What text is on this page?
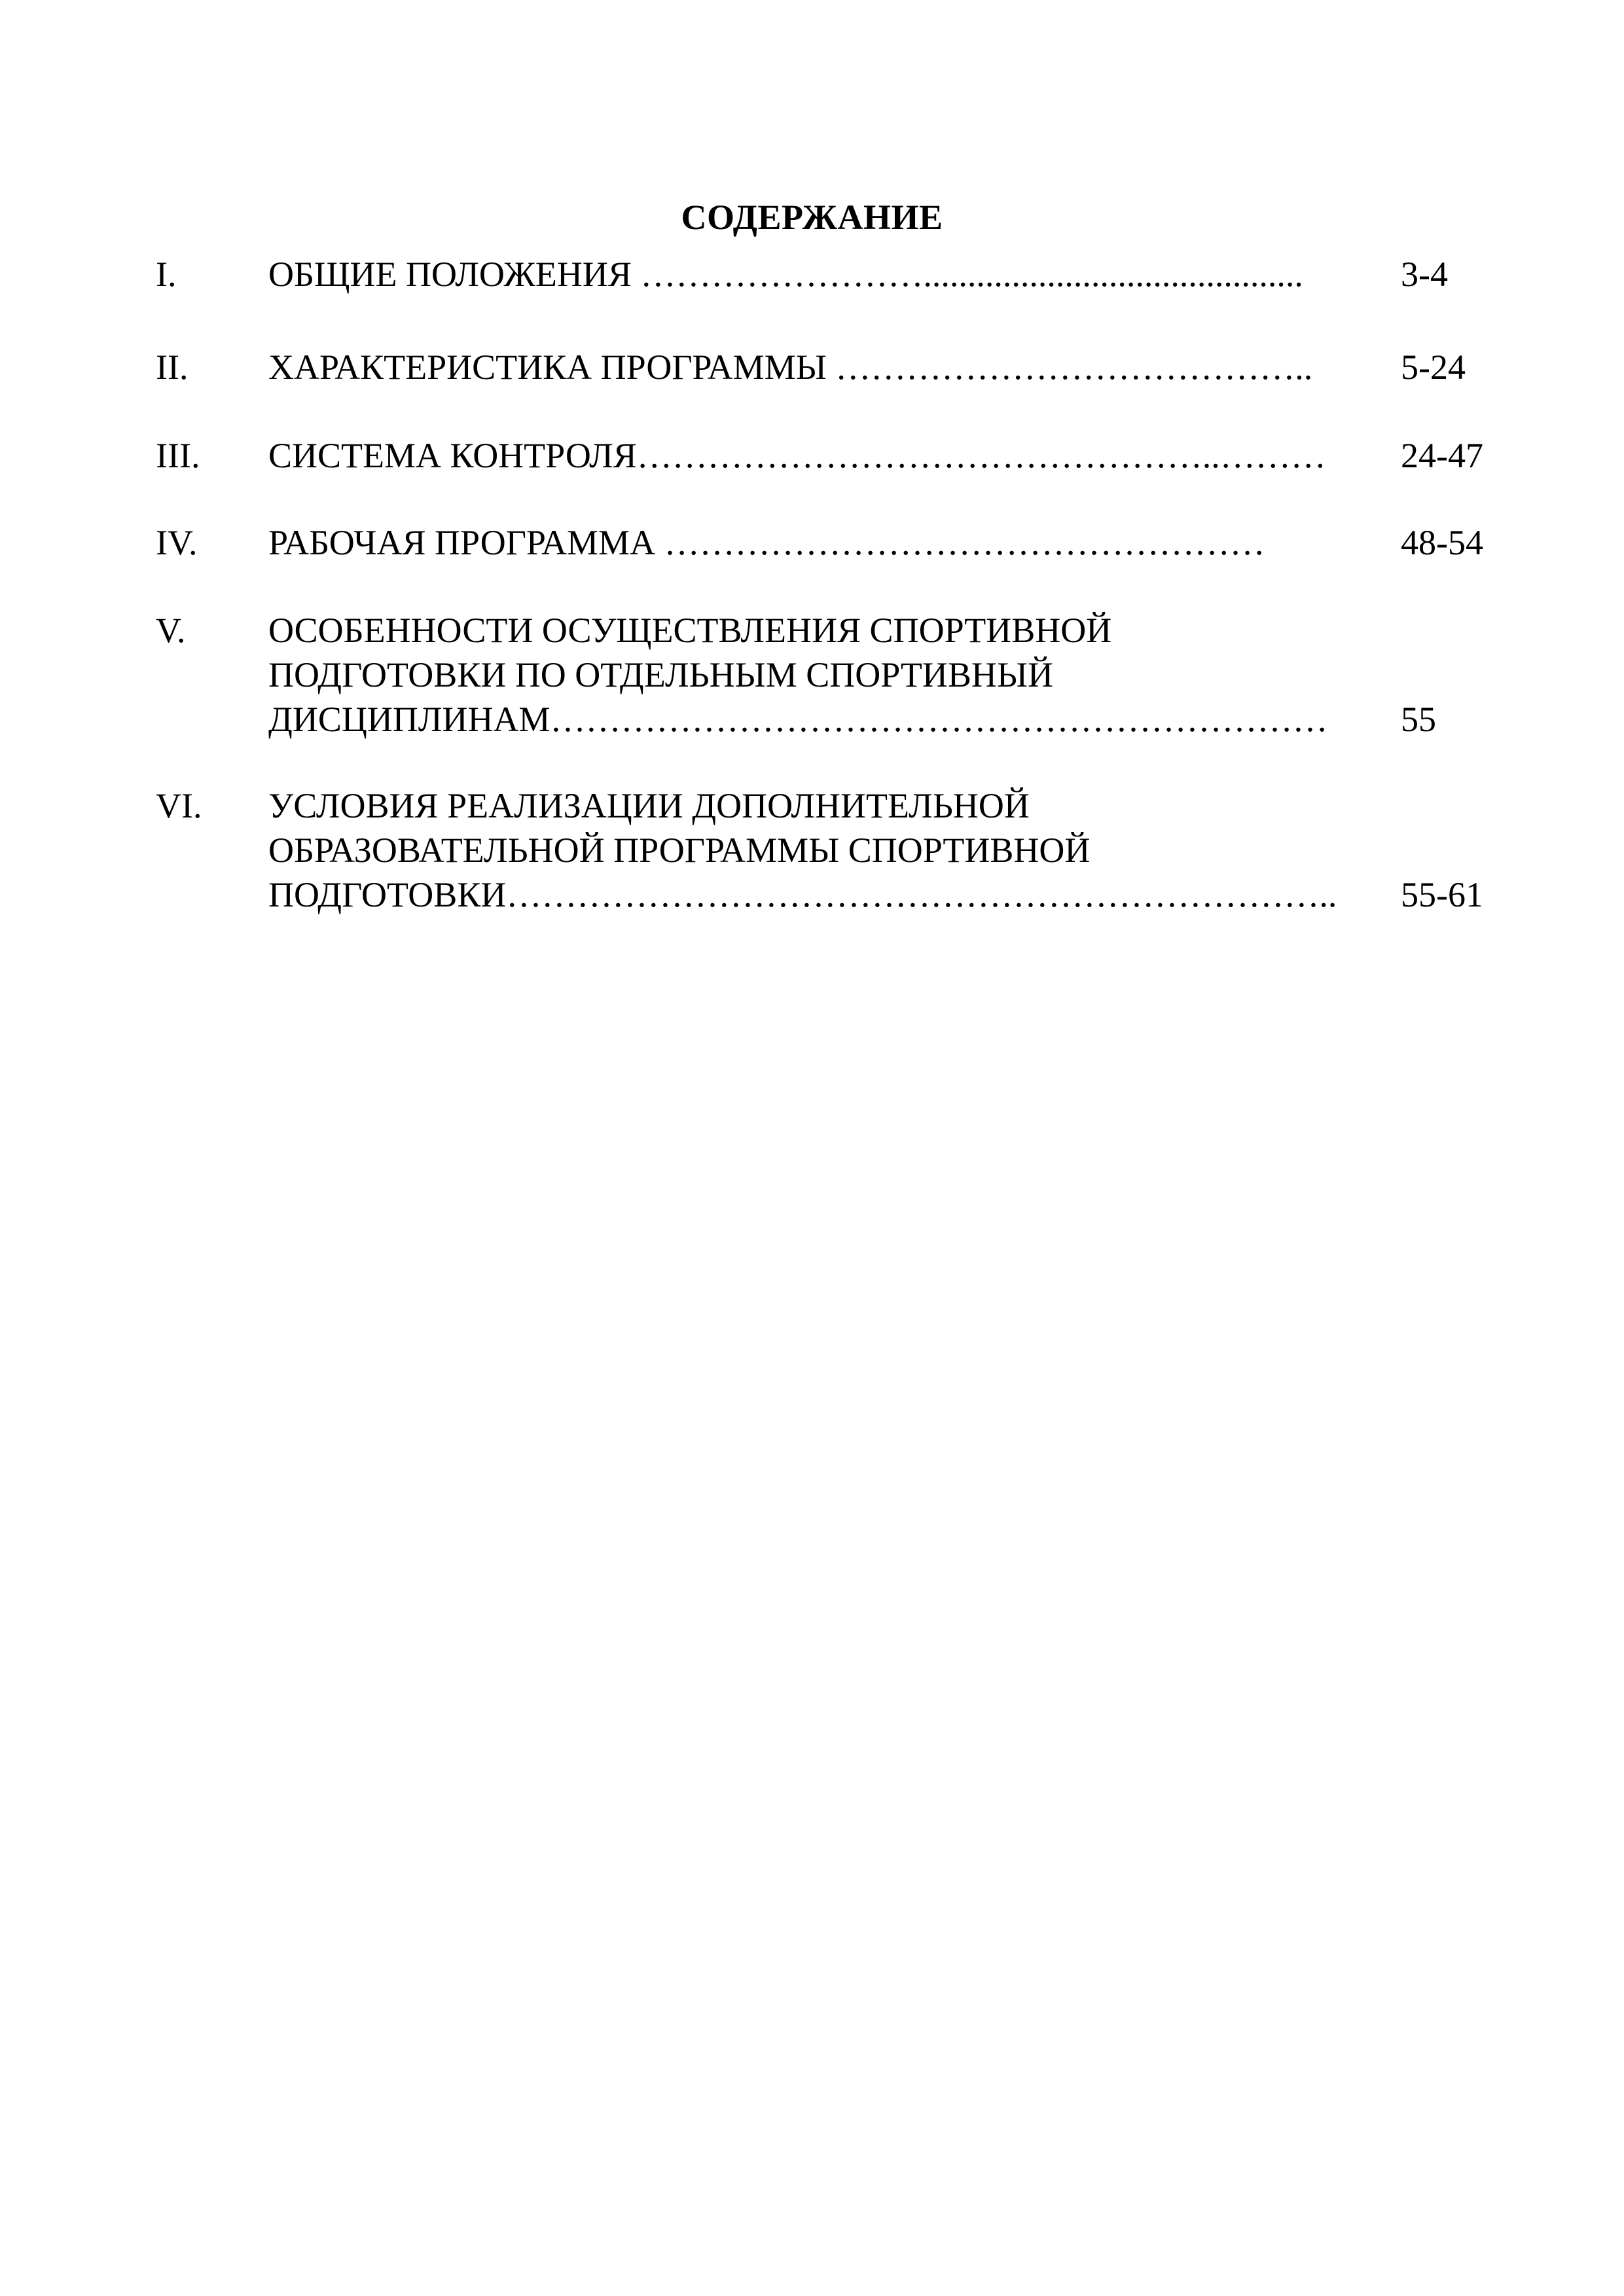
СОДЕРЖАНИЕ
I.	ОБЩИЕ ПОЛОЖЕНИЯ ……………………...........................................	3-4
II. ХАРАКТЕРИСТИКА ПРОГРАММЫ …………………………………..	5-24
III. СИСТЕМА КОНТРОЛЯ…………………………………………..………	24-47
IV. РАБОЧАЯ ПРОГРАММА ……………………………………………	48-54
V. ОСОБЕННОСТИ ОСУЩЕСТВЛЕНИЯ СПОРТИВНОЙ
ПОДГОТОВКИ ПО ОТДЕЛЬНЫМ СПОРТИВНЫЙ
ДИСЦИПЛИНАМ…………………………………………………………	55
VI. УСЛОВИЯ РЕАЛИЗАЦИИ ДОПОЛНИТЕЛЬНОЙ
ОБРАЗОВАТЕЛЬНОЙ ПРОГРАММЫ СПОРТИВНОЙ
ПОДГОТОВКИ……………………………………………………………..	55-61
